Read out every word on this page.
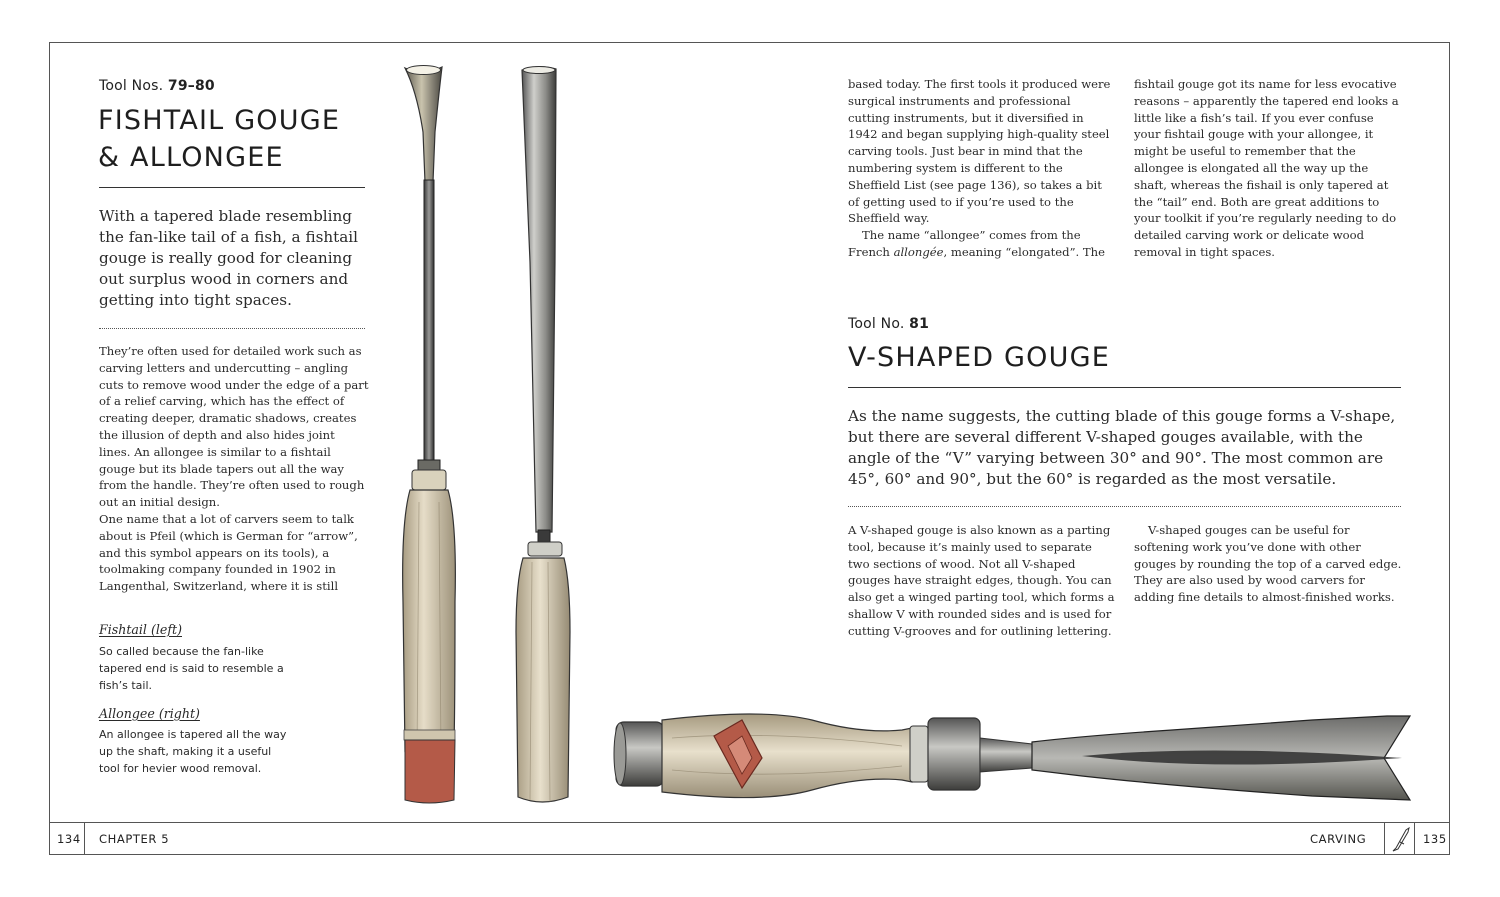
Tool Nos. 79–80
FISHTAIL GOUGE
& ALLONGEE
With a tapered blade resembling the fan-like tail of a fish, a fishtail gouge is really good for cleaning out surplus wood in corners and getting into tight spaces.

They’re often used for detailed work such as carving letters and undercutting – angling cuts to remove wood under the edge of a part of a relief carving, which has the effect of creating deeper, dramatic shadows, creates the illusion of depth and also hides joint lines. An allongee is similar to a fishtail gouge but its blade tapers out all the way from the handle. They’re often used to rough out an initial design.

One name that a lot of carvers seem to talk about is Pfeil (which is German for “arrow”, and this symbol appears on its tools), a toolmaking company founded in 1902 in Langenthal, Switzerland, where it is still

Fishtail (left)
So called because the fan-like tapered end is said to resemble a fish’s tail.
Allongee (right)
An allongee is tapered all the way up the shaft, making it a useful tool for hevier wood removal.

based today. The first tools it produced were surgical instruments and professional cutting instruments, but it diversified in 1942 and began supplying high-quality steel carving tools. Just bear in mind that the numbering system is different to the Sheffield List (see page 136), so takes a bit of getting used to if you’re used to the Sheffield way.

The name “allongee” comes from the French allongée, meaning “elongated”. The

fishtail gouge got its name for less evocative reasons – apparently the tapered end looks a little like a fish’s tail. If you ever confuse your fishtail gouge with your allongee, it might be useful to remember that the allongee is elongated all the way up the shaft, whereas the fishail is only tapered at the “tail” end. Both are great additions to your toolkit if you’re regularly needing to do detailed carving work or delicate wood removal in tight spaces.

Tool No. 81
V-SHAPED GOUGE
As the name suggests, the cutting blade of this gouge forms a V-shape, but there are several different V-shaped gouges available, with the angle of the “V” varying between 30° and 90°. The most common are 45°, 60° and 90°, but the 60° is regarded as the most versatile.

A V-shaped gouge is also known as a parting tool, because it’s mainly used to separate two sections of wood. Not all V-shaped gouges have straight edges, though. You can also get a winged parting tool, which forms a shallow V with rounded sides and is used for cutting V-grooves and for outlining lettering.

V-shaped gouges can be useful for softening work you’ve done with other gouges by rounding the top of a carved edge. They are also used by wood carvers for adding fine details to almost-finished works.

134 CHAPTER 5	CARVING	135
